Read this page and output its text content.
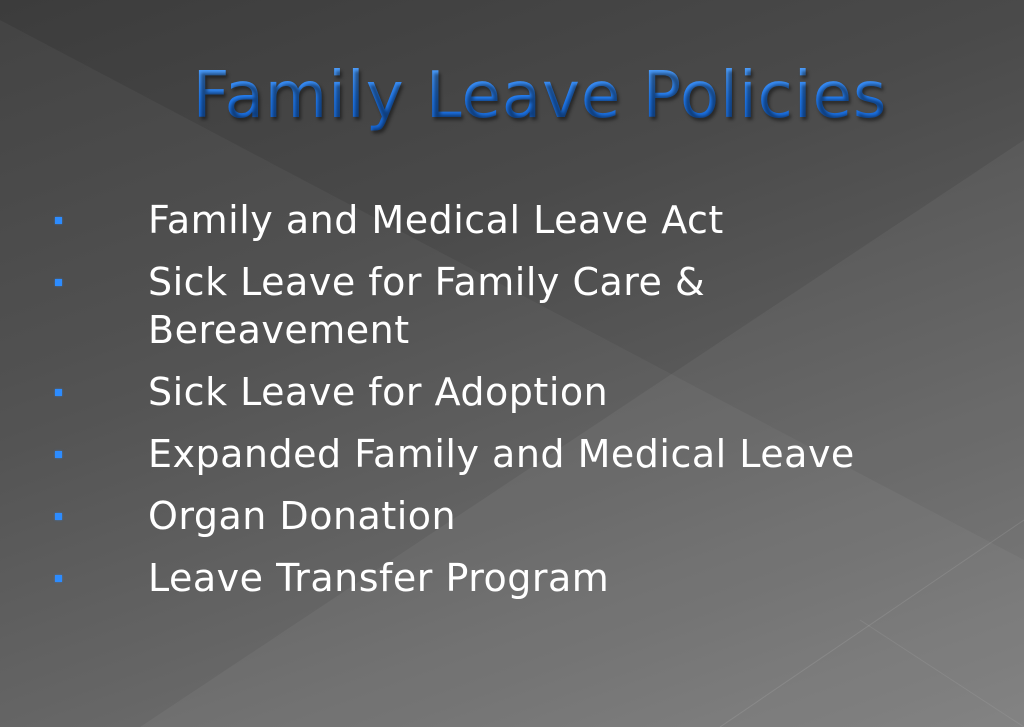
Family Leave Policies
Family and Medical Leave Act
Sick Leave for Family Care & Bereavement
Sick Leave for Adoption
Expanded Family and Medical Leave
Organ Donation
Leave Transfer Program
